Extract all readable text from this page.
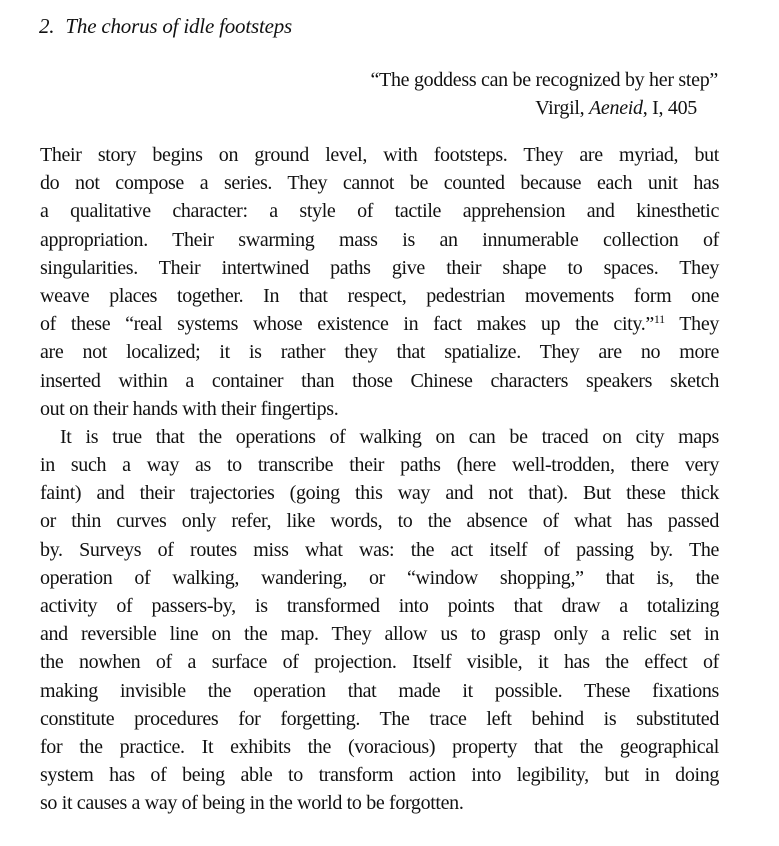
2. The chorus of idle footsteps
“The goddess can be recognized by her step”
Virgil, Aeneid, I, 405
Their story begins on ground level, with footsteps. They are myriad, but
do not compose a series. They cannot be counted because each unit has
a qualitative character: a style of tactile apprehension and kinesthetic
appropriation. Their swarming mass is an innumerable collection of
singularities. Their intertwined paths give their shape to spaces. They
weave places together. In that respect, pedestrian movements form one
of these “real systems whose existence in fact makes up the city.”$^{11}$ They
are not localized; it is rather they that spatialize. They are no more
inserted within a container than those Chinese characters speakers sketch
out on their hands with their fingertips.
It is true that the operations of walking on can be traced on city maps
in such a way as to transcribe their paths (here well-trodden, there very
faint) and their trajectories (going this way and not that). But these thick
or thin curves only refer, like words, to the absence of what has passed
by. Surveys of routes miss what was: the act itself of passing by. The
operation of walking, wandering, or “window shopping,” that is, the
activity of passers-by, is transformed into points that draw a totalizing
and reversible line on the map. They allow us to grasp only a relic set in
the nowhen of a surface of projection. Itself visible, it has the effect of
making invisible the operation that made it possible. These fixations
constitute procedures for forgetting. The trace left behind is substituted
for the practice. It exhibits the (voracious) property that the geographical
system has of being able to transform action into legibility, but in doing
so it causes a way of being in the world to be forgotten.
